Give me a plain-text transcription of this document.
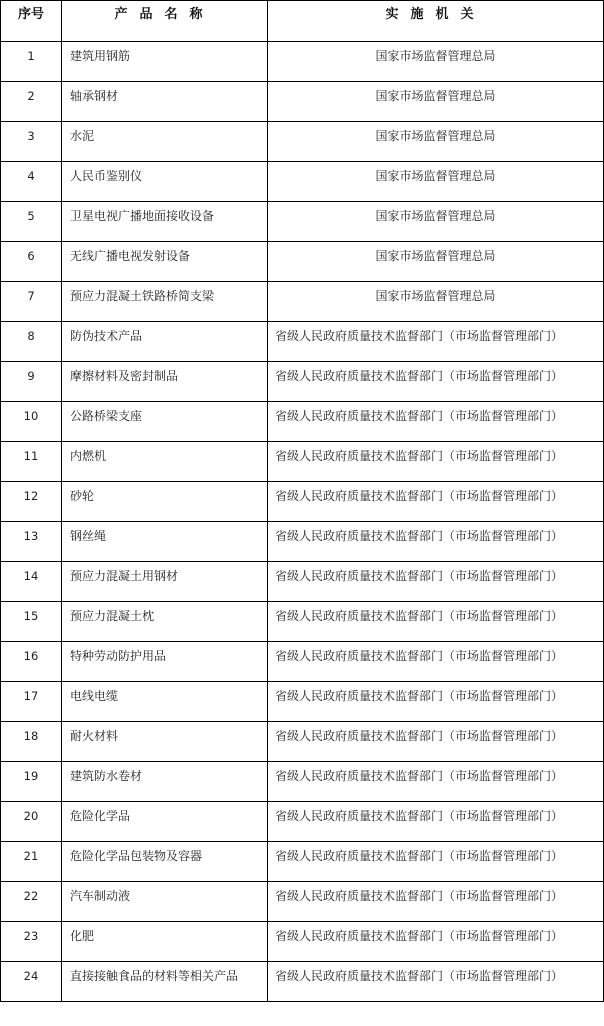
序号	产品名称	实施机关
1	建筑用钢筋	国家市场监督管理总局
2	轴承钢材	国家市场监督管理总局
3	水泥	国家市场监督管理总局
4	人民币鉴别仪	国家市场监督管理总局
5	卫星电视广播地面接收设备	国家市场监督管理总局
6	无线广播电视发射设备	国家市场监督管理总局
7	预应力混凝土铁路桥简支梁	国家市场监督管理总局
8	防伪技术产品	省级人民政府质量技术监督部门（市场监督管理部门）
9	摩擦材料及密封制品	省级人民政府质量技术监督部门（市场监督管理部门）
10	公路桥梁支座	省级人民政府质量技术监督部门（市场监督管理部门）
11	内燃机	省级人民政府质量技术监督部门（市场监督管理部门）
12	砂轮	省级人民政府质量技术监督部门（市场监督管理部门）
13	钢丝绳	省级人民政府质量技术监督部门（市场监督管理部门）
14	预应力混凝土用钢材	省级人民政府质量技术监督部门（市场监督管理部门）
15	预应力混凝土枕	省级人民政府质量技术监督部门（市场监督管理部门）
16	特种劳动防护用品	省级人民政府质量技术监督部门（市场监督管理部门）
17	电线电缆	省级人民政府质量技术监督部门（市场监督管理部门）
18	耐火材料	省级人民政府质量技术监督部门（市场监督管理部门）
19	建筑防水卷材	省级人民政府质量技术监督部门（市场监督管理部门）
20	危险化学品	省级人民政府质量技术监督部门（市场监督管理部门）
21	危险化学品包装物及容器	省级人民政府质量技术监督部门（市场监督管理部门）
22	汽车制动液	省级人民政府质量技术监督部门（市场监督管理部门）
23	化肥	省级人民政府质量技术监督部门（市场监督管理部门）
24	直接接触食品的材料等相关产品	省级人民政府质量技术监督部门（市场监督管理部门）
